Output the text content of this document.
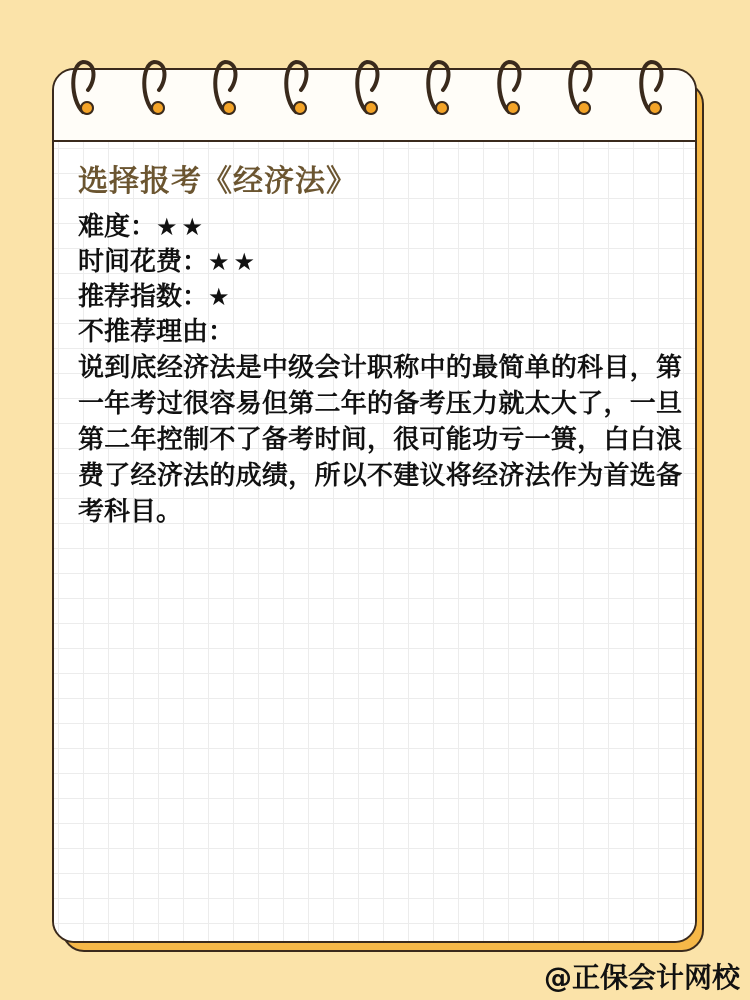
选择报考《经济法》

难度：★★

时间花费：★★

推荐指数：★

不推荐理由：

说到底经济法是中级会计职称中的最简单的科目，第一年考过很容易但第二年的备考压力就太大了，一旦第二年控制不了备考时间，很可能功亏一篑，白白浪费了经济法的成绩，所以不建议将经济法作为首选备考科目。

@正保会计网校
